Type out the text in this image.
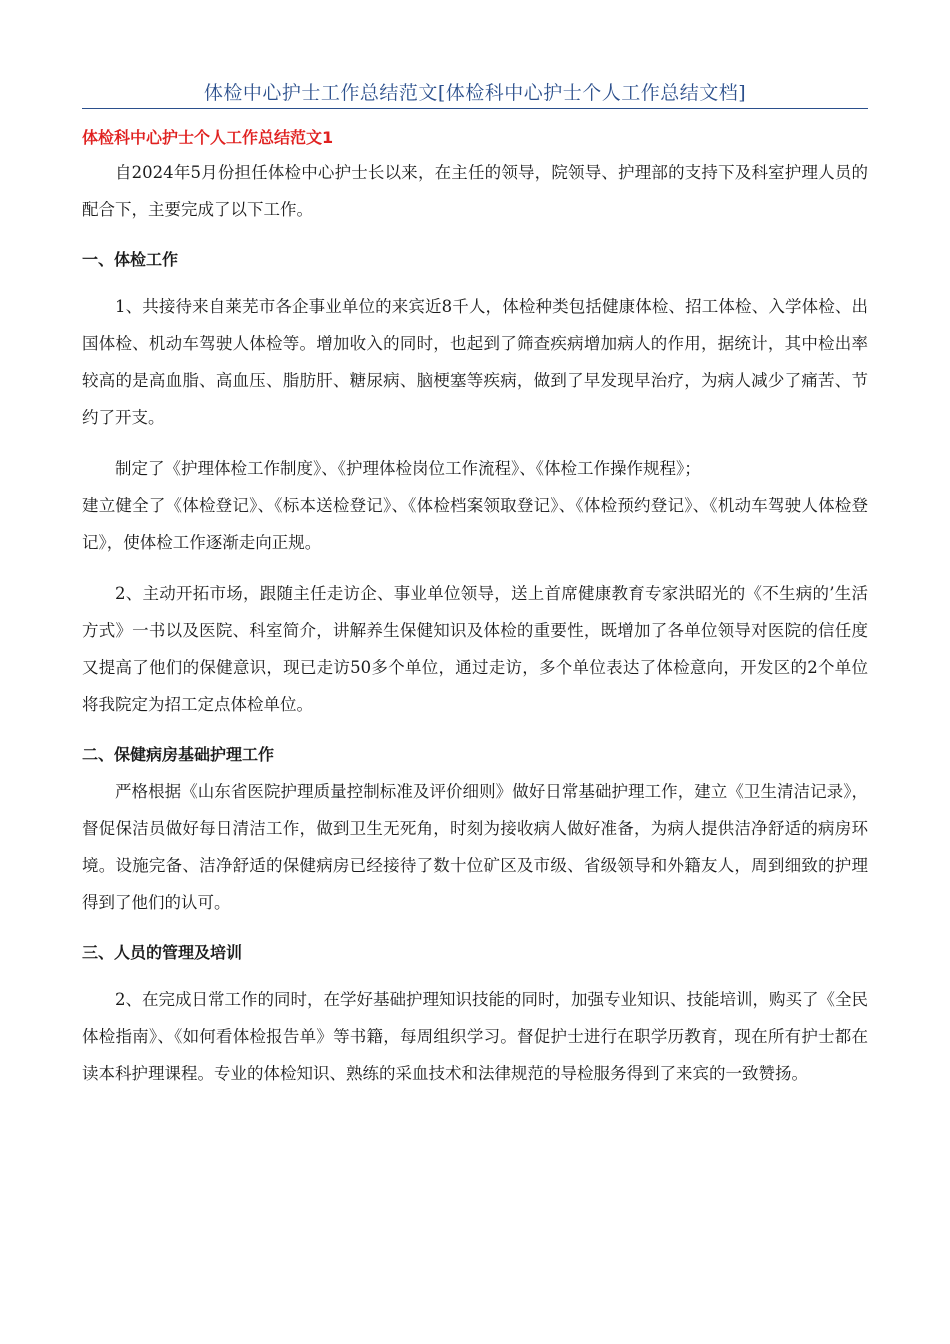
体检中心护士工作总结范文[体检科中心护士个人工作总结文档]
体检科中心护士个人工作总结范文1

自2024年5月份担任体检中心护士长以来，在主任的领导，院领导、护理部的支持下及科室护理人员的配合下，主要完成了以下工作。

一、体检工作

1、共接待来自莱芜市各企事业单位的来宾近8千人，体检种类包括健康体检、招工体检、入学体检、出国体检、机动车驾驶人体检等。增加收入的同时，也起到了筛查疾病增加病人的作用，据统计，其中检出率较高的是高血脂、高血压、脂肪肝、糖尿病、脑梗塞等疾病，做到了早发现早治疗，为病人减少了痛苦、节约了开支。

制定了《护理体检工作制度》、《护理体检岗位工作流程》、《体检工作操作规程》；

建立健全了《体检登记》、《标本送检登记》、《体检档案领取登记》、《体检预约登记》、《机动车驾驶人体检登记》，使体检工作逐渐走向正规。

2、主动开拓市场，跟随主任走访企、事业单位领导，送上首席健康教育专家洪昭光的《不生病的’生活方式》一书以及医院、科室简介，讲解养生保健知识及体检的重要性，既增加了各单位领导对医院的信任度又提高了他们的保健意识，现已走访50多个单位，通过走访，多个单位表达了体检意向，开发区的2个单位将我院定为招工定点体检单位。

二、保健病房基础护理工作

严格根据《山东省医院护理质量控制标准及评价细则》做好日常基础护理工作，建立《卫生清洁记录》，督促保洁员做好每日清洁工作，做到卫生无死角，时刻为接收病人做好准备，为病人提供洁净舒适的病房环境。设施完备、洁净舒适的保健病房已经接待了数十位矿区及市级、省级领导和外籍友人，周到细致的护理得到了他们的认可。

三、人员的管理及培训

2、在完成日常工作的同时，在学好基础护理知识技能的同时，加强专业知识、技能培训，购买了《全民体检指南》、《如何看体检报告单》等书籍，每周组织学习。督促护士进行在职学历教育，现在所有护士都在读本科护理课程。专业的体检知识、熟练的采血技术和法律规范的导检服务得到了来宾的一致赞扬。
